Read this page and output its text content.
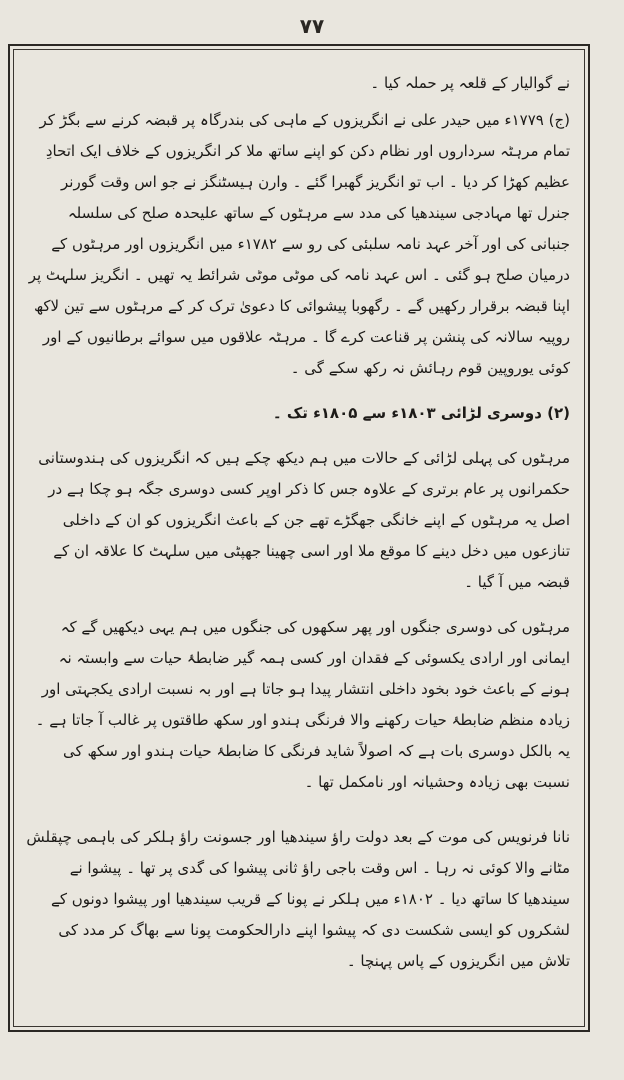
۷۷

نے گوالیار کے قلعہ پر حملہ کیا ۔

(ج) ۱۷۷۹ء میں حیدر علی نے انگریزوں کے ماہی کی بندرگاہ پر قبضہ کرنے سے بگڑ کر تمام مرہٹہ سرداروں اور نظام دکن کو اپنے ساتھ ملا کر انگریزوں کے خلاف ایک اتحادِ عظیم کھڑا کر دیا ۔ اب تو انگریز گھبرا گئے ۔ وارن ہیسٹنگز نے جو اس وقت گورنر جنرل تھا مہادجی سیندھیا کی مدد سے مرہٹوں کے ساتھ علیحدہ صلح کی سلسلہ جنبانی کی اور آخر عہد نامہ سلبئی کی رو سے ۱۷۸۲ء میں انگریزوں اور مرہٹوں کے درمیان صلح ہو گئی ۔ اس عہد نامہ کی موٹی موٹی شرائط یہ تھیں ۔ انگریز سلہٹ پر اپنا قبضہ برقرار رکھیں گے ۔ رگھوبا پیشوائی کا دعویٰ ترک کر کے مرہٹوں سے تین لاکھ روپیہ سالانہ کی پنشن پر قناعت کرے گا ۔ مرہٹہ علاقوں میں سوائے برطانیوں کے اور کوئی یوروپین قوم رہائش نہ رکھ سکے گی ۔

(۲) دوسری لڑائی ۱۸۰۳ء سے ۱۸۰۵ء تک ۔

مرہٹوں کی پہلی لڑائی کے حالات میں ہم دیکھ چکے ہیں کہ انگریزوں کی ہندوستانی حکمرانوں پر عام برتری کے علاوہ جس کا ذکر اوپر کسی دوسری جگہ ہو چکا ہے در اصل یہ مرہٹوں کے اپنے خانگی جھگڑے تھے جن کے باعث انگریزوں کو ان کے داخلی تنازعوں میں دخل دینے کا موقع ملا اور اسی چھینا جھپٹی میں سلہٹ کا علاقہ ان کے قبضہ میں آ گیا ۔

مرہٹوں کی دوسری جنگوں اور پھر سکھوں کی جنگوں میں ہم یہی دیکھیں گے کہ ایمانی اور ارادی یکسوئی کے فقدان اور کسی ہمہ گیر ضابطۂ حیات سے وابستہ نہ ہونے کے باعث خود بخود داخلی انتشار پیدا ہو جاتا ہے اور بہ نسبت ارادی یکجہتی اور زیادہ منظم ضابطۂ حیات رکھنے والا فرنگی ہندو اور سکھ طاقتوں پر غالب آ جاتا ہے ۔ یہ بالکل دوسری بات ہے کہ اصولاً شاید فرنگی کا ضابطۂ حیات ہندو اور سکھ کی نسبت بھی زیادہ وحشیانہ اور نامکمل تھا ۔

نانا فرنویس کی موت کے بعد دولت راؤ سیندھیا اور جسونت راؤ ہلکر کی باہمی چپقلش مٹانے والا کوئی نہ رہا ۔ اس وقت باجی راؤ ثانی پیشوا کی گدی پر تھا ۔ پیشوا نے سیندھیا کا ساتھ دیا ۔ ۱۸۰۲ء میں ہلکر نے پونا کے قریب سیندھیا اور پیشوا دونوں کے لشکروں کو ایسی شکست دی کہ پیشوا اپنے دارالحکومت پونا سے بھاگ کر مدد کی تلاش میں انگریزوں کے پاس پہنچا ۔
